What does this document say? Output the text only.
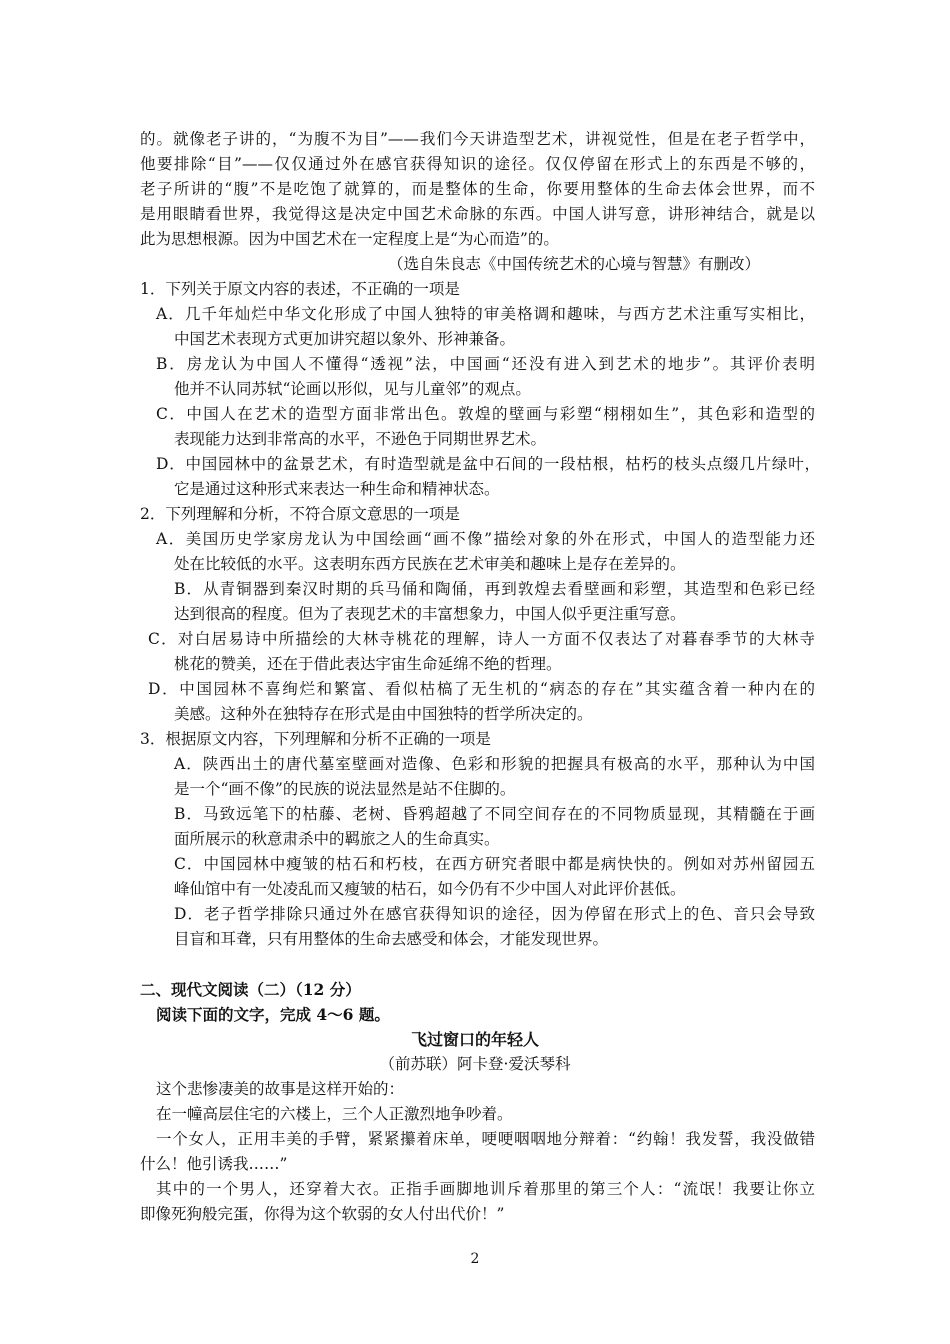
的。就像老子讲的，“为腹不为目”——我们今天讲造型艺术，讲视觉性，但是在老子哲学中，
他要排除“目”——仅仅通过外在感官获得知识的途径。仅仅停留在形式上的东西是不够的，
老子所讲的“腹”不是吃饱了就算的，而是整体的生命，你要用整体的生命去体会世界，而不
是用眼睛看世界，我觉得这是决定中国艺术命脉的东西。中国人讲写意，讲形神结合，就是以
此为思想根源。因为中国艺术在一定程度上是“为心而造”的。
（选自朱良志《中国传统艺术的心境与智慧》有删改）
1．下列关于原文内容的表述，不正确的一项是
A．几千年灿烂中华文化形成了中国人独特的审美格调和趣味，与西方艺术注重写实相比，
中国艺术表现方式更加讲究超以象外、形神兼备。
B．房龙认为中国人不懂得“透视”法，中国画“还没有进入到艺术的地步”。其评价表明
他并不认同苏轼“论画以形似，见与儿童邻”的观点。
C．中国人在艺术的造型方面非常出色。敦煌的壁画与彩塑“栩栩如生”，其色彩和造型的
表现能力达到非常高的水平，不逊色于同期世界艺术。
D．中国园林中的盆景艺术，有时造型就是盆中石间的一段枯根，枯朽的枝头点缀几片绿叶，
它是通过这种形式来表达一种生命和精神状态。
2．下列理解和分析，不符合原文意思的一项是
A．美国历史学家房龙认为中国绘画“画不像”描绘对象的外在形式，中国人的造型能力还
处在比较低的水平。这表明东西方民族在艺术审美和趣味上是存在差异的。
B．从青铜器到秦汉时期的兵马俑和陶俑，再到敦煌去看壁画和彩塑，其造型和色彩已经
达到很高的程度。但为了表现艺术的丰富想象力，中国人似乎更注重写意。
C．对白居易诗中所描绘的大林寺桃花的理解，诗人一方面不仅表达了对暮春季节的大林寺
桃花的赞美，还在于借此表达宇宙生命延绵不绝的哲理。
D．中国园林不喜绚烂和繁富、看似枯槁了无生机的“病态的存在”其实蕴含着一种内在的
美感。这种外在独特存在形式是由中国独特的哲学所决定的。
3．根据原文内容，下列理解和分析不正确的一项是
A．陕西出土的唐代墓室壁画对造像、色彩和形貌的把握具有极高的水平，那种认为中国
是一个“画不像”的民族的说法显然是站不住脚的。
B．马致远笔下的枯藤、老树、昏鸦超越了不同空间存在的不同物质显现，其精髓在于画
面所展示的秋意肃杀中的羁旅之人的生命真实。
C．中国园林中瘦皱的枯石和朽枝，在西方研究者眼中都是病快快的。例如对苏州留园五
峰仙馆中有一处凌乱而又瘦皱的枯石，如今仍有不少中国人对此评价甚低。
D．老子哲学排除只通过外在感官获得知识的途径，因为停留在形式上的色、音只会导致
目盲和耳聋，只有用整体的生命去感受和体会，才能发现世界。
二、现代文阅读（二）（12 分）
阅读下面的文字，完成 4～6 题。
飞过窗口的年轻人
（前苏联）阿卡登·爱沃琴科
这个悲惨凄美的故事是这样开始的：
在一幢高层住宅的六楼上，三个人正激烈地争吵着。
一个女人，正用丰美的手臂，紧紧攥着床单，哽哽咽咽地分辩着：“约翰！我发誓，我没做错
什么！他引诱我……”
其中的一个男人，还穿着大衣。正指手画脚地训斥着那里的第三个人：“流氓！我要让你立
即像死狗般完蛋，你得为这个软弱的女人付出代价！”
2
